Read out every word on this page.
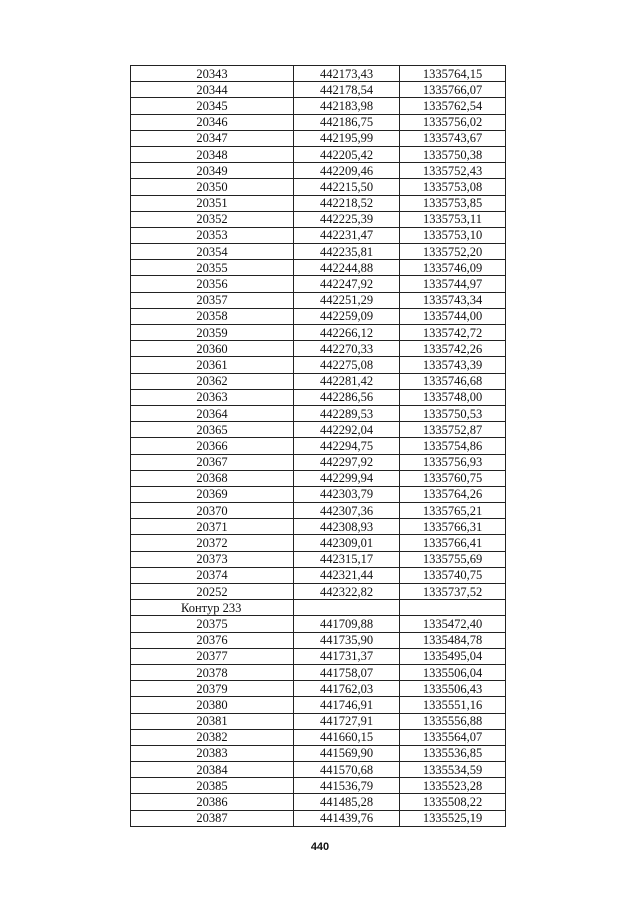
20343	442173,43	1335764,15
20344	442178,54	1335766,07
20345	442183,98	1335762,54
20346	442186,75	1335756,02
20347	442195,99	1335743,67
20348	442205,42	1335750,38
20349	442209,46	1335752,43
20350	442215,50	1335753,08
20351	442218,52	1335753,85
20352	442225,39	1335753,11
20353	442231,47	1335753,10
20354	442235,81	1335752,20
20355	442244,88	1335746,09
20356	442247,92	1335744,97
20357	442251,29	1335743,34
20358	442259,09	1335744,00
20359	442266,12	1335742,72
20360	442270,33	1335742,26
20361	442275,08	1335743,39
20362	442281,42	1335746,68
20363	442286,56	1335748,00
20364	442289,53	1335750,53
20365	442292,04	1335752,87
20366	442294,75	1335754,86
20367	442297,92	1335756,93
20368	442299,94	1335760,75
20369	442303,79	1335764,26
20370	442307,36	1335765,21
20371	442308,93	1335766,31
20372	442309,01	1335766,41
20373	442315,17	1335755,69
20374	442321,44	1335740,75
20252	442322,82	1335737,52
Контур 233		
20375	441709,88	1335472,40
20376	441735,90	1335484,78
20377	441731,37	1335495,04
20378	441758,07	1335506,04
20379	441762,03	1335506,43
20380	441746,91	1335551,16
20381	441727,91	1335556,88
20382	441660,15	1335564,07
20383	441569,90	1335536,85
20384	441570,68	1335534,59
20385	441536,79	1335523,28
20386	441485,28	1335508,22
20387	441439,76	1335525,19
440
